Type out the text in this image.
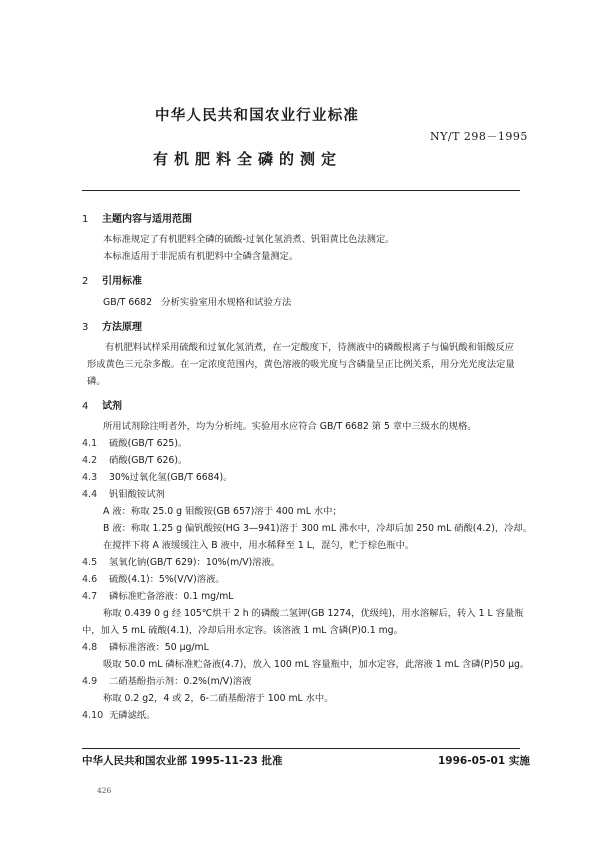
中华人民共和国农业行业标准
NY/T 298－1995
有机肥料全磷的测定
1 主题内容与适用范围
本标准规定了有机肥料全磷的硫酸-过氧化氢消煮、钒钼黄比色法测定。
本标准适用于非泥质有机肥料中全磷含量测定。
2 引用标准
GB/T 6682　分析实验室用水规格和试验方法
3 方法原理
有机肥料试样采用硫酸和过氧化氢消煮，在一定酸度下，待测液中的磷酸根离子与偏钒酸和钼酸反应形成黄色三元杂多酸。在一定浓度范围内，黄色溶液的吸光度与含磷量呈正比例关系，用分光光度法定量磷。
4 试剂
所用试剂除注明者外，均为分析纯。实验用水应符合 GB/T 6682 第 5 章中三级水的规格。
4.1 硫酸(GB/T 625)。
4.2 硝酸(GB/T 626)。
4.3 30%过氧化氢(GB/T 6684)。
4.4 钒钼酸铵试剂
A 液：称取 25.0 g 钼酸铵(GB 657)溶于 400 mL 水中；
B 液：称取 1.25 g 偏钒酸铵(HG 3—941)溶于 300 mL 沸水中，冷却后加 250 mL 硝酸(4.2)，冷却。
在搅拌下将 A 液缓缓注入 B 液中，用水稀释至 1 L，混匀，贮于棕色瓶中。
4.5 氢氧化钠(GB/T 629)：10%(m/V)溶液。
4.6 硫酸(4.1)：5%(V/V)溶液。
4.7 磷标准贮备溶液：0.1 mg/mL
称取 0.439 0 g 经 105℃烘干 2 h 的磷酸二氢钾(GB 1274，优级纯)，用水溶解后，转入 1 L 容量瓶
中，加入 5 mL 硫酸(4.1)，冷却后用水定容。该溶液 1 mL 含磷(P)0.1 mg。
4.8 磷标准溶液：50 μg/mL
吸取 50.0 mL 磷标准贮备液(4.7)，放入 100 mL 容量瓶中，加水定容，此溶液 1 mL 含磷(P)50 μg。
4.9 二硝基酚指示剂：0.2%(m/V)溶液
称取 0.2 g2，4 或 2，6-二硝基酚溶于 100 mL 水中。
4.10 无磷滤纸。
中华人民共和国农业部 1995-11-23 批准	1996-05-01 实施
426
